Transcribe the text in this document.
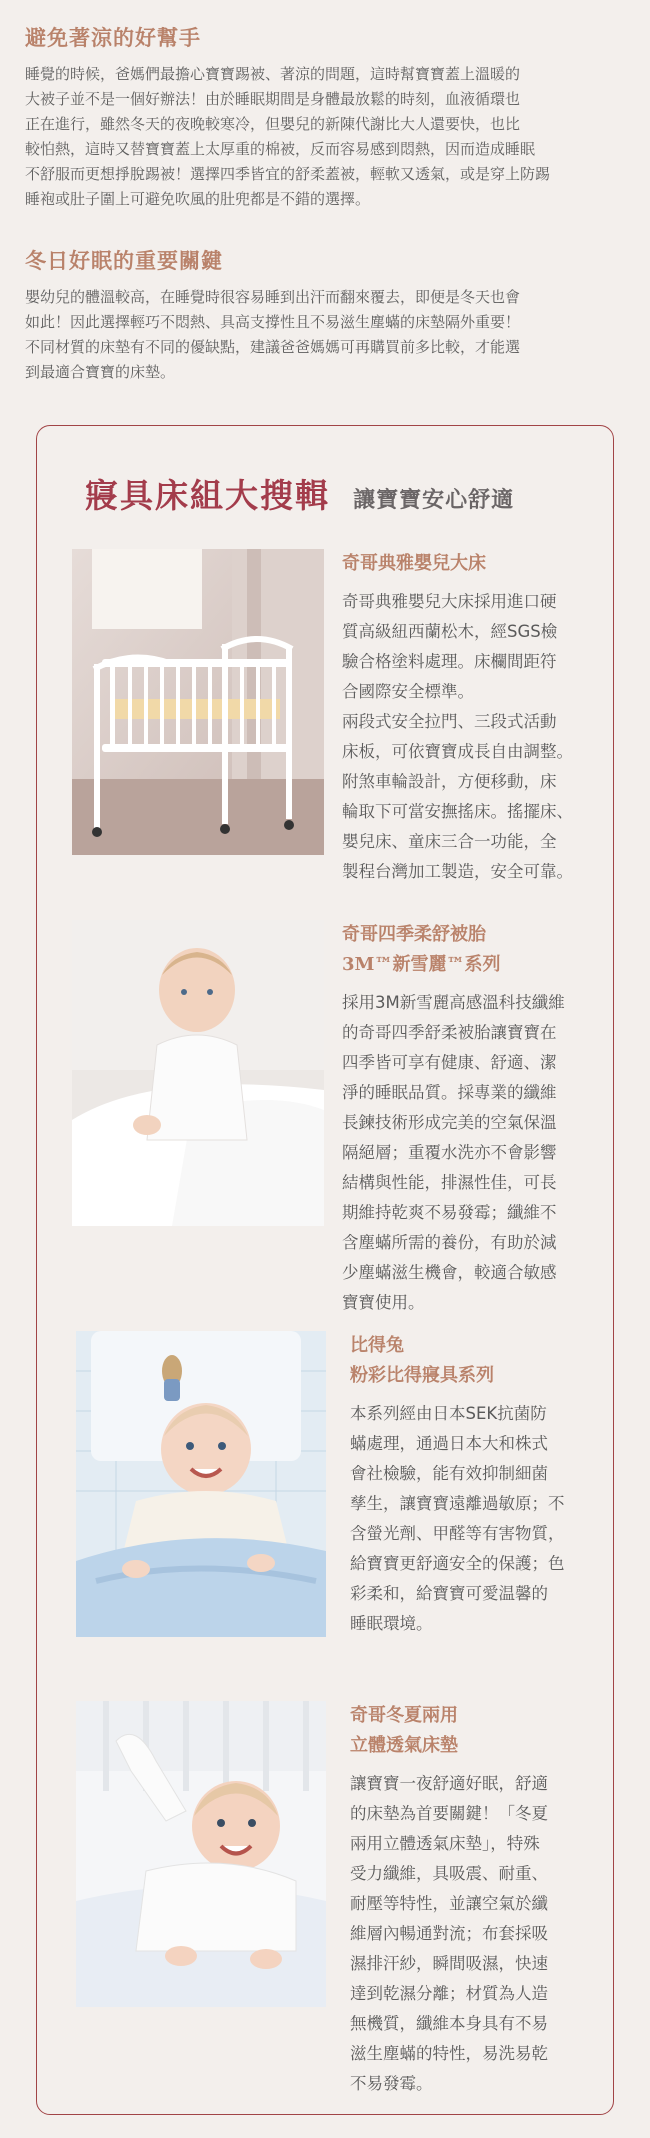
避免著涼的好幫手

睡覺的時候，爸媽們最擔心寶寶踢被、著涼的問題，這時幫寶寶蓋上溫暖的
大被子並不是一個好辦法！由於睡眠期間是身體最放鬆的時刻，血液循環也
正在進行，雖然冬天的夜晚較寒冷，但嬰兒的新陳代謝比大人還要快，也比
較怕熱，這時又替寶寶蓋上太厚重的棉被，反而容易感到悶熱，因而造成睡眠
不舒服而更想掙脫踢被！選擇四季皆宜的舒柔蓋被，輕軟又透氣，或是穿上防踢
睡袍或肚子圍上可避免吹風的肚兜都是不錯的選擇。

冬日好眠的重要關鍵

嬰幼兒的體溫較高，在睡覺時很容易睡到出汗而翻來覆去，即便是冬天也會
如此！因此選擇輕巧不悶熱、具高支撐性且不易滋生塵蟎的床墊隔外重要！
不同材質的床墊有不同的優缺點，建議爸爸媽媽可再購買前多比較，才能選
到最適合寶寶的床墊。

寢具床組大搜輯 讓寶寶安心舒適
奇哥典雅嬰兒大床

奇哥典雅嬰兒大床採用進口硬
質高級紐西蘭松木，經SGS檢
驗合格塗料處理。床欄間距符
合國際安全標準。
兩段式安全拉門、三段式活動
床板，可依寶寶成長自由調整。
附煞車輪設計，方便移動，床
輪取下可當安撫搖床。搖擺床、
嬰兒床、童床三合一功能，全
製程台灣加工製造，安全可靠。

奇哥四季柔舒被胎
3M™新雪麗™系列

採用3M新雪麗高感溫科技纖維
的奇哥四季舒柔被胎讓寶寶在
四季皆可享有健康、舒適、潔
淨的睡眠品質。採專業的纖維
長鍊技術形成完美的空氣保溫
隔絕層；重覆水洗亦不會影響
結構與性能，排濕性佳，可長
期維持乾爽不易發霉；纖維不
含塵蟎所需的養份，有助於減
少塵蟎滋生機會，較適合敏感
寶寶使用。

比得兔
粉彩比得寢具系列

本系列經由日本SEK抗菌防
蟎處理，通過日本大和株式
會社檢驗，能有效抑制細菌
孳生，讓寶寶遠離過敏原；不
含螢光劑、甲醛等有害物質，
給寶寶更舒適安全的保護；色
彩柔和，給寶寶可愛温馨的
睡眠環境。

奇哥冬夏兩用
立體透氣床墊

讓寶寶一夜舒適好眠，舒適
的床墊為首要關鍵！「冬夏
兩用立體透氣床墊」，特殊
受力纖維，具吸震、耐重、
耐壓等特性，並讓空氣於纖
維層內暢通對流；布套採吸
濕排汗紗，瞬間吸濕，快速
達到乾濕分離；材質為人造
無機質，纖維本身具有不易
滋生塵蟎的特性，易洗易乾
不易發霉。
